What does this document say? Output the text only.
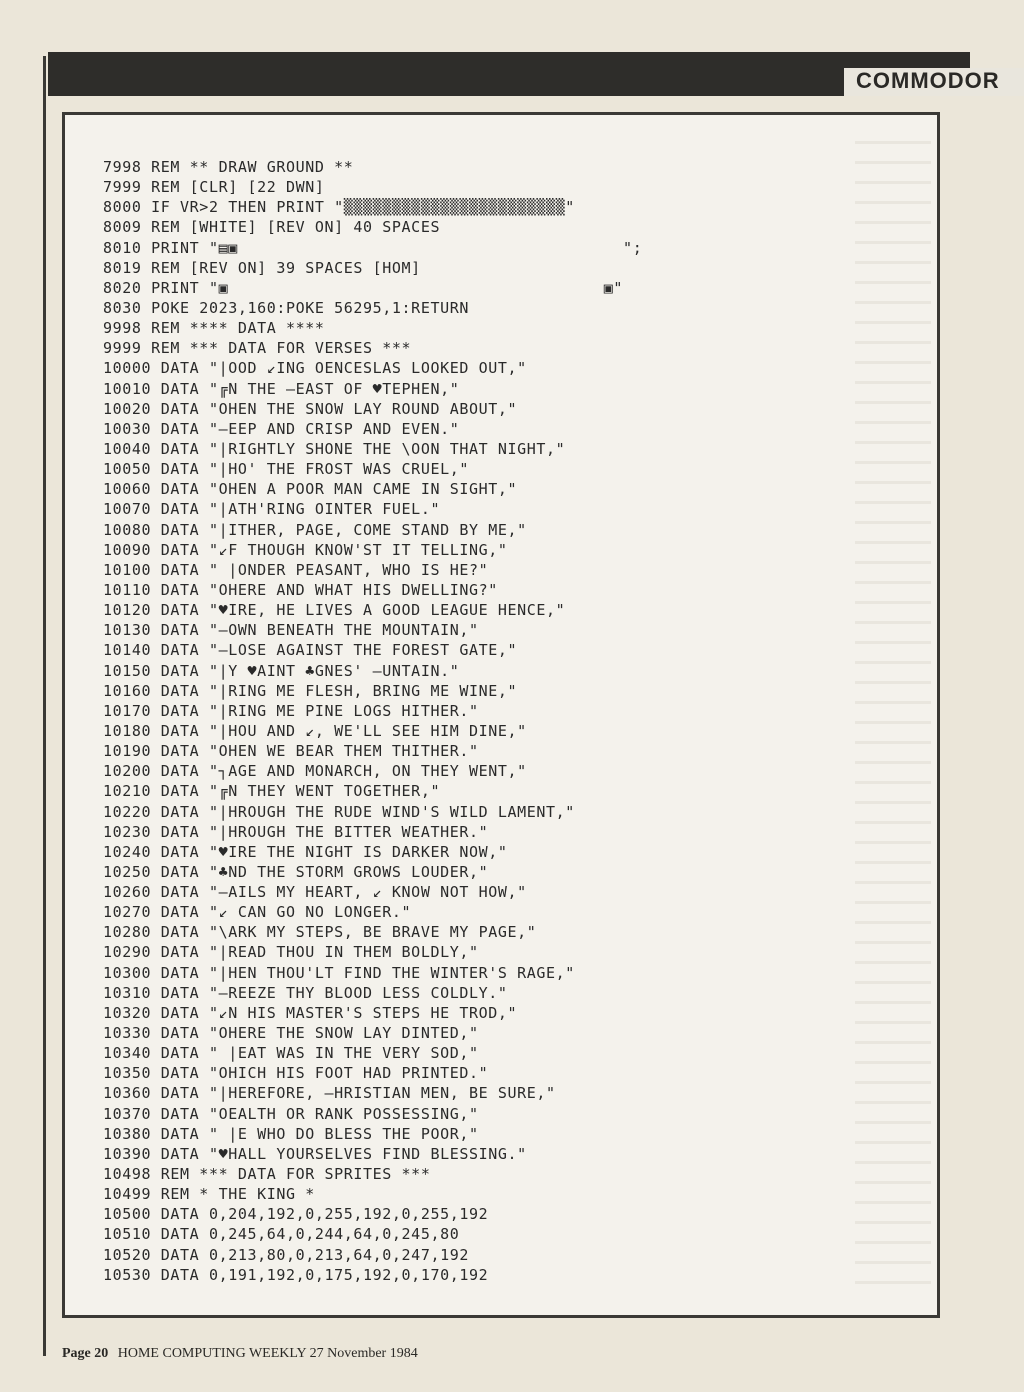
COMMODOR
7998 REM ** DRAW GROUND **
7999 REM [CLR] [22 DWN]
8000 IF VR>2 THEN PRINT "▒▒▒▒▒▒▒▒▒▒▒▒▒▒▒▒▒▒▒▒▒▒▒"
8009 REM [WHITE] [REV ON] 40 SPACES
8010 PRINT "▤▣                                        ";
8019 REM [REV ON] 39 SPACES [HOM]
8020 PRINT "▣                                       ▣"
8030 POKE 2023,160:POKE 56295,1:RETURN
9998 REM **** DATA ****
9999 REM *** DATA FOR VERSES ***
10000 DATA "|OOD ↙ING OENCESLAS LOOKED OUT,"
10010 DATA "╔N THE —EAST OF ♥TEPHEN,"
10020 DATA "OHEN THE SNOW LAY ROUND ABOUT,"
10030 DATA "—EEP AND CRISP AND EVEN."
10040 DATA "|RIGHTLY SHONE THE \OON THAT NIGHT,"
10050 DATA "|HO' THE FROST WAS CRUEL,"
10060 DATA "OHEN A POOR MAN CAME IN SIGHT,"
10070 DATA "|ATH'RING OINTER FUEL."
10080 DATA "|ITHER, PAGE, COME STAND BY ME,"
10090 DATA "↙F THOUGH KNOW'ST IT TELLING,"
10100 DATA " |ONDER PEASANT, WHO IS HE?"
10110 DATA "OHERE AND WHAT HIS DWELLING?"
10120 DATA "♥IRE, HE LIVES A GOOD LEAGUE HENCE,"
10130 DATA "—OWN BENEATH THE MOUNTAIN,"
10140 DATA "—LOSE AGAINST THE FOREST GATE,"
10150 DATA "|Y ♥AINT ♣GNES' —UNTAIN."
10160 DATA "|RING ME FLESH, BRING ME WINE,"
10170 DATA "|RING ME PINE LOGS HITHER."
10180 DATA "|HOU AND ↙, WE'LL SEE HIM DINE,"
10190 DATA "OHEN WE BEAR THEM THITHER."
10200 DATA "┐AGE AND MONARCH, ON THEY WENT,"
10210 DATA "╔N THEY WENT TOGETHER,"
10220 DATA "|HROUGH THE RUDE WIND'S WILD LAMENT,"
10230 DATA "|HROUGH THE BITTER WEATHER."
10240 DATA "♥IRE THE NIGHT IS DARKER NOW,"
10250 DATA "♣ND THE STORM GROWS LOUDER,"
10260 DATA "—AILS MY HEART, ↙ KNOW NOT HOW,"
10270 DATA "↙ CAN GO NO LONGER."
10280 DATA "\ARK MY STEPS, BE BRAVE MY PAGE,"
10290 DATA "|READ THOU IN THEM BOLDLY,"
10300 DATA "|HEN THOU'LT FIND THE WINTER'S RAGE,"
10310 DATA "—REEZE THY BLOOD LESS COLDLY."
10320 DATA "↙N HIS MASTER'S STEPS HE TROD,"
10330 DATA "OHERE THE SNOW LAY DINTED,"
10340 DATA " |EAT WAS IN THE VERY SOD,"
10350 DATA "OHICH HIS FOOT HAD PRINTED."
10360 DATA "|HEREFORE, —HRISTIAN MEN, BE SURE,"
10370 DATA "OEALTH OR RANK POSSESSING,"
10380 DATA " |E WHO DO BLESS THE POOR,"
10390 DATA "♥HALL YOURSELVES FIND BLESSING."
10498 REM *** DATA FOR SPRITES ***
10499 REM * THE KING *
10500 DATA 0,204,192,0,255,192,0,255,192
10510 DATA 0,245,64,0,244,64,0,245,80
10520 DATA 0,213,80,0,213,64,0,247,192
10530 DATA 0,191,192,0,175,192,0,170,192
Page 20 HOME COMPUTING WEEKLY 27 November 1984
